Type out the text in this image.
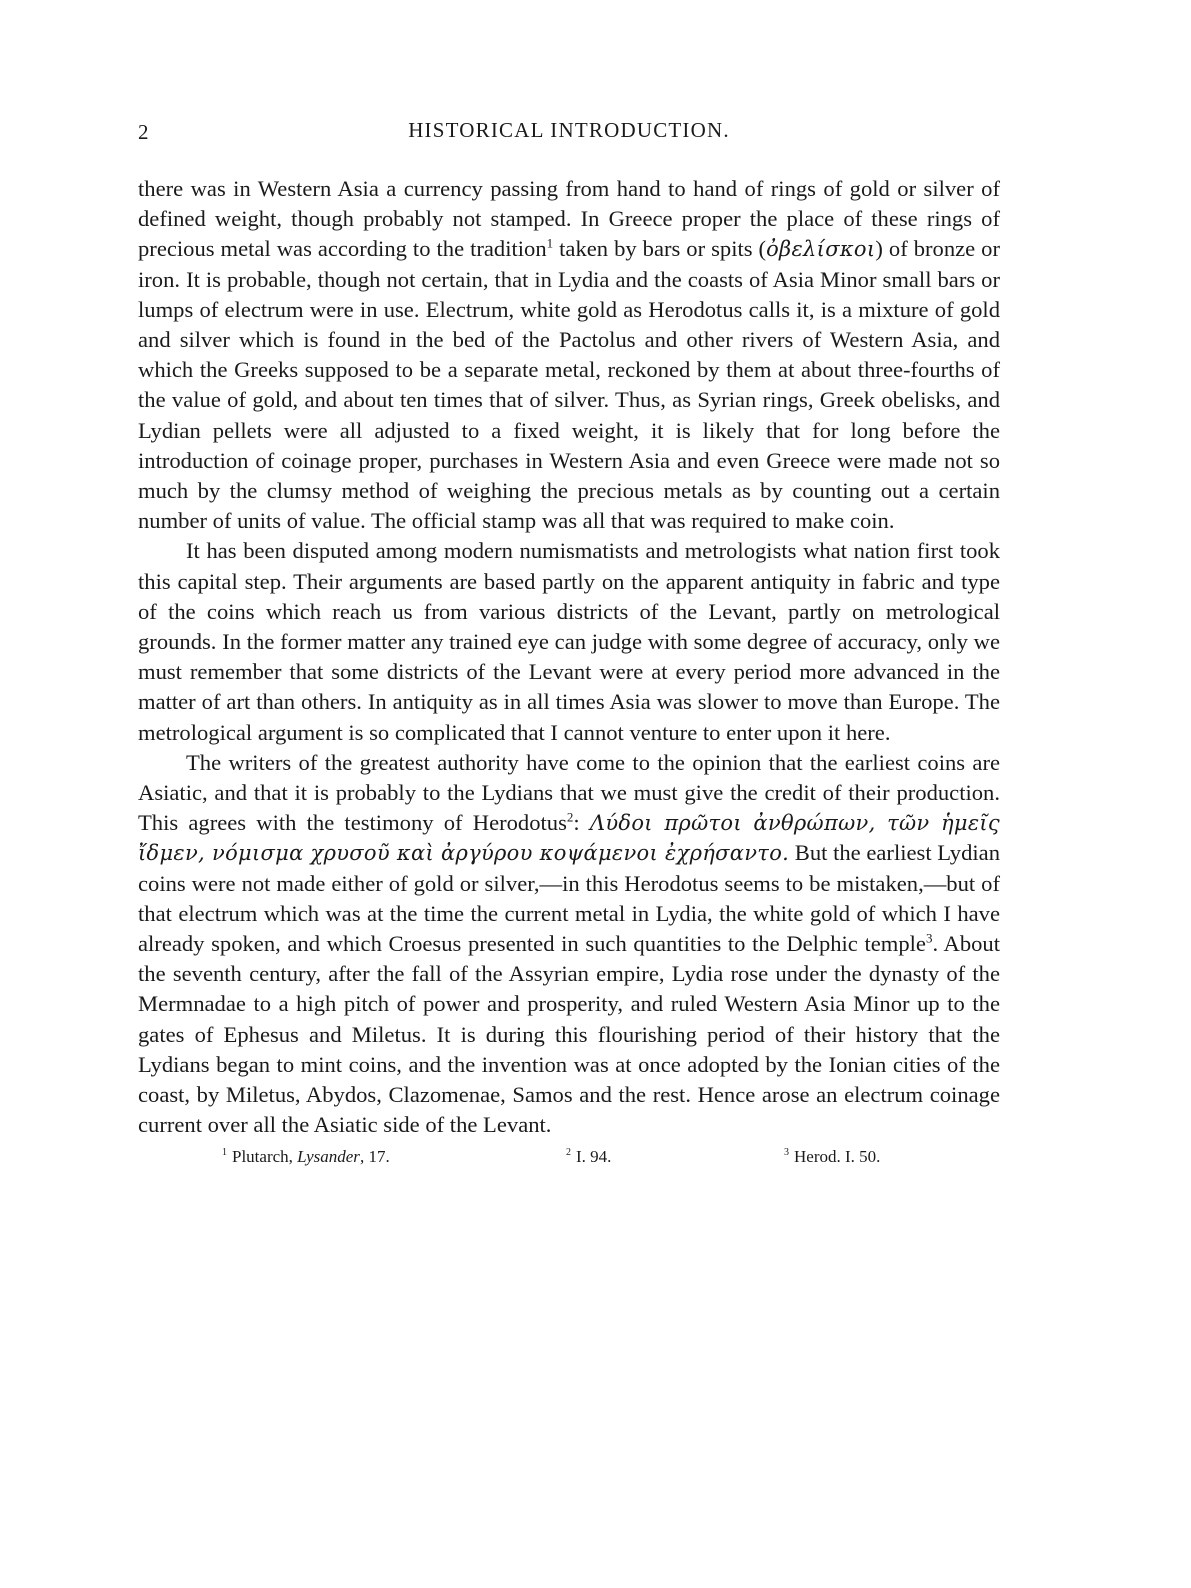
2	HISTORICAL INTRODUCTION.

there was in Western Asia a currency passing from hand to hand of rings of gold or silver of defined weight, though probably not stamped. In Greece proper the place of these rings of precious metal was according to the tradition$^1$ taken by bars or spits (ὀβελίσκοι) of bronze or iron. It is probable, though not certain, that in Lydia and the coasts of Asia Minor small bars or lumps of electrum were in use. Electrum, white gold as Herodotus calls it, is a mixture of gold and silver which is found in the bed of the Pactolus and other rivers of Western Asia, and which the Greeks supposed to be a separate metal, reckoned by them at about three-fourths of the value of gold, and about ten times that of silver. Thus, as Syrian rings, Greek obelisks, and Lydian pellets were all adjusted to a fixed weight, it is likely that for long before the introduction of coinage proper, purchases in Western Asia and even Greece were made not so much by the clumsy method of weighing the precious metals as by counting out a certain number of units of value. The official stamp was all that was required to make coin.

It has been disputed among modern numismatists and metrologists what nation first took this capital step. Their arguments are based partly on the apparent antiquity in fabric and type of the coins which reach us from various districts of the Levant, partly on metrological grounds. In the former matter any trained eye can judge with some degree of accuracy, only we must remember that some districts of the Levant were at every period more advanced in the matter of art than others. In antiquity as in all times Asia was slower to move than Europe. The metrological argument is so complicated that I cannot venture to enter upon it here.

The writers of the greatest authority have come to the opinion that the earliest coins are Asiatic, and that it is probably to the Lydians that we must give the credit of their production. This agrees with the testimony of Herodotus$^2$: Λύδοι πρῶτοι ἀνθρώπων, τῶν ἡμεῖς ἴδμεν, νόμισμα χρυσοῦ καὶ ἀργύρου κοψάμενοι ἐχρήσαντο. But the earliest Lydian coins were not made either of gold or silver,—in this Herodotus seems to be mistaken,—but of that electrum which was at the time the current metal in Lydia, the white gold of which I have already spoken, and which Croesus presented in such quantities to the Delphic temple$^3$. About the seventh century, after the fall of the Assyrian empire, Lydia rose under the dynasty of the Mermnadae to a high pitch of power and prosperity, and ruled Western Asia Minor up to the gates of Ephesus and Miletus. It is during this flourishing period of their history that the Lydians began to mint coins, and the invention was at once adopted by the Ionian cities of the coast, by Miletus, Abydos, Clazomenae, Samos and the rest. Hence arose an electrum coinage current over all the Asiatic side of the Levant.

$^1$ Plutarch, Lysander, 17.	$^2$ I. 94.	$^3$ Herod. I. 50.
